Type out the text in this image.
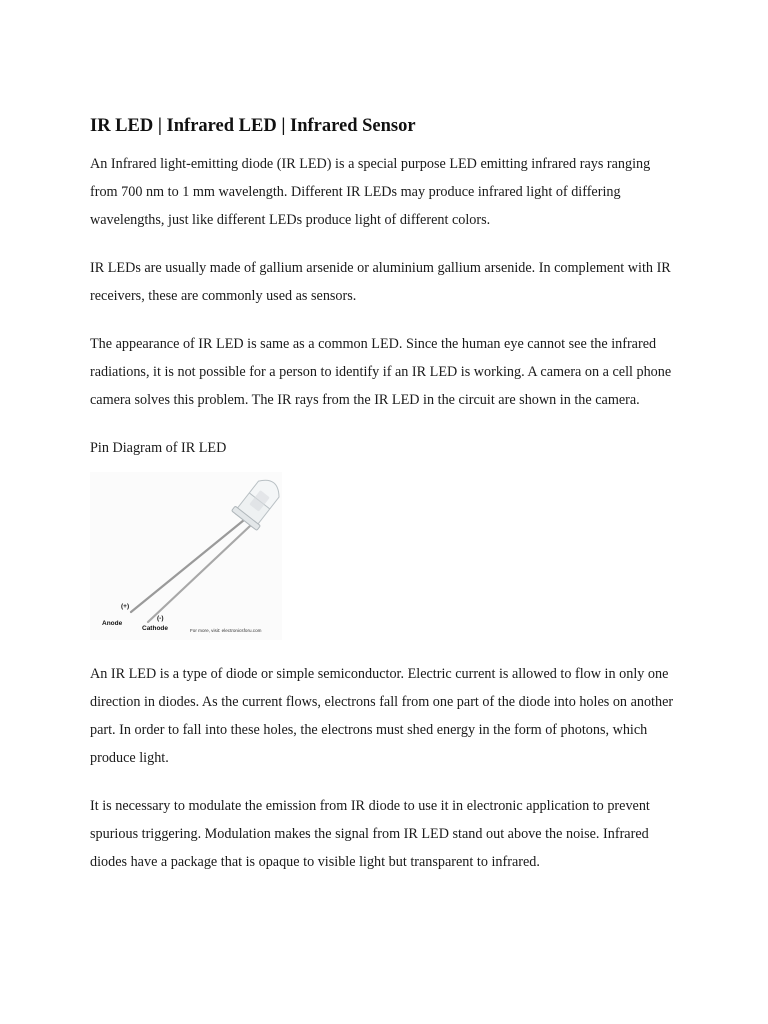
IR LED | Infrared LED | Infrared Sensor

An Infrared light-emitting diode (IR LED) is a special purpose LED emitting infrared rays ranging from 700 nm to 1 mm wavelength. Different IR LEDs may produce infrared light of differing wavelengths, just like different LEDs produce light of different colors.

IR LEDs are usually made of gallium arsenide or aluminium gallium arsenide. In complement with IR receivers, these are commonly used as sensors.

The appearance of IR LED is same as a common LED. Since the human eye cannot see the infrared radiations, it is not possible for a person to identify if an IR LED is working. A camera on a cell phone camera solves this problem. The IR rays from the IR LED in the circuit are shown in the camera.

Pin Diagram of IR LED
(+)
Anode
(-)
Cathode	For more, visit: electronicsforu.com

An IR LED is a type of diode or simple semiconductor. Electric current is allowed to flow in only one direction in diodes. As the current flows, electrons fall from one part of the diode into holes on another part. In order to fall into these holes, the electrons must shed energy in the form of photons, which produce light.

It is necessary to modulate the emission from IR diode to use it in electronic application to prevent spurious triggering. Modulation makes the signal from IR LED stand out above the noise. Infrared diodes have a package that is opaque to visible light but transparent to infrared.
